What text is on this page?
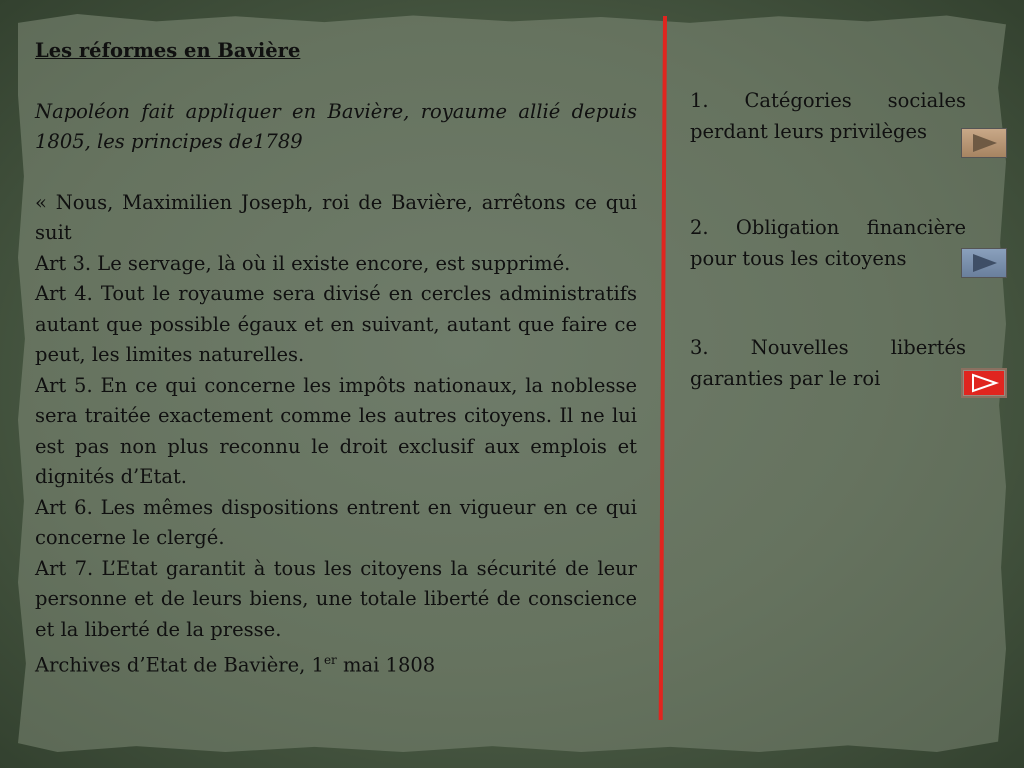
Les réformes en Bavière

Napoléon fait appliquer en Bavière, royaume allié depuis 1805, les principes de1789

« Nous, Maximilien Joseph, roi de Bavière, arrêtons ce qui suit

Art 3. Le servage, là où il existe encore, est supprimé.

Art 4. Tout le royaume sera divisé en cercles administratifs autant que possible égaux et en suivant, autant que faire ce peut, les limites naturelles.

Art 5. En ce qui concerne les impôts nationaux, la noblesse sera traitée exactement comme les autres citoyens. Il ne lui est pas non plus reconnu le droit exclusif aux emplois et dignités d’Etat.

Art 6. Les mêmes dispositions entrent en vigueur en ce qui concerne le clergé.

Art 7. L’Etat garantit à tous les citoyens la sécurité de leur personne et de leurs biens, une totale liberté de conscience et la liberté de la presse.

Archives d’Etat de Bavière, 1er mai 1808

1. Catégories sociales perdant leurs privilèges
2. Obligation financière pour tous les citoyens
3. Nouvelles libertés garanties par le roi
